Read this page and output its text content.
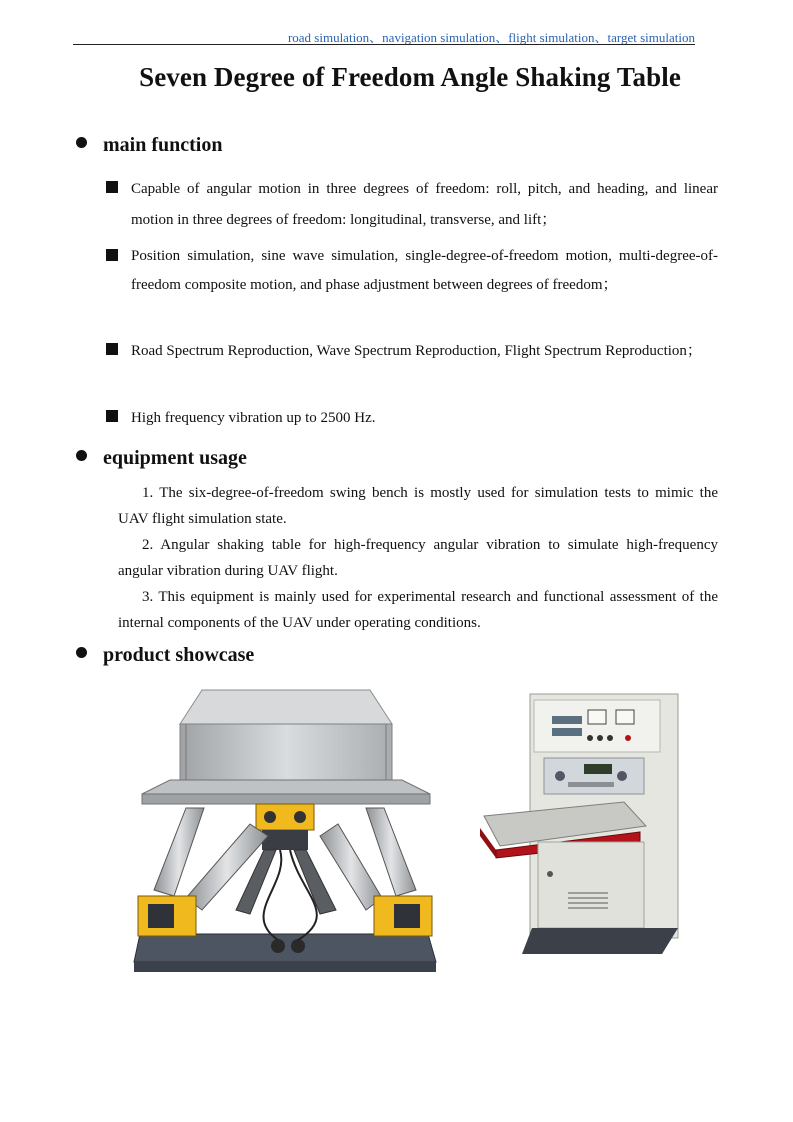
road simulation、navigation simulation、flight simulation、target simulation
Seven Degree of Freedom Angle Shaking Table
main function
Capable of angular motion in three degrees of freedom: roll, pitch, and heading, and linear motion in three degrees of freedom: longitudinal, transverse, and lift；
Position simulation, sine wave simulation, single-degree-of-freedom motion, multi-degree-of-freedom composite motion, and phase adjustment between degrees of freedom；
Road Spectrum Reproduction, Wave Spectrum Reproduction, Flight Spectrum Reproduction；
High frequency vibration up to 2500 Hz.
equipment usage
1. The six-degree-of-freedom swing bench is mostly used for simulation tests to mimic the UAV flight simulation state.
2. Angular shaking table for high-frequency angular vibration to simulate high-frequency angular vibration during UAV flight.
3. This equipment is mainly used for experimental research and functional assessment of the internal components of the UAV under operating conditions.
product showcase
